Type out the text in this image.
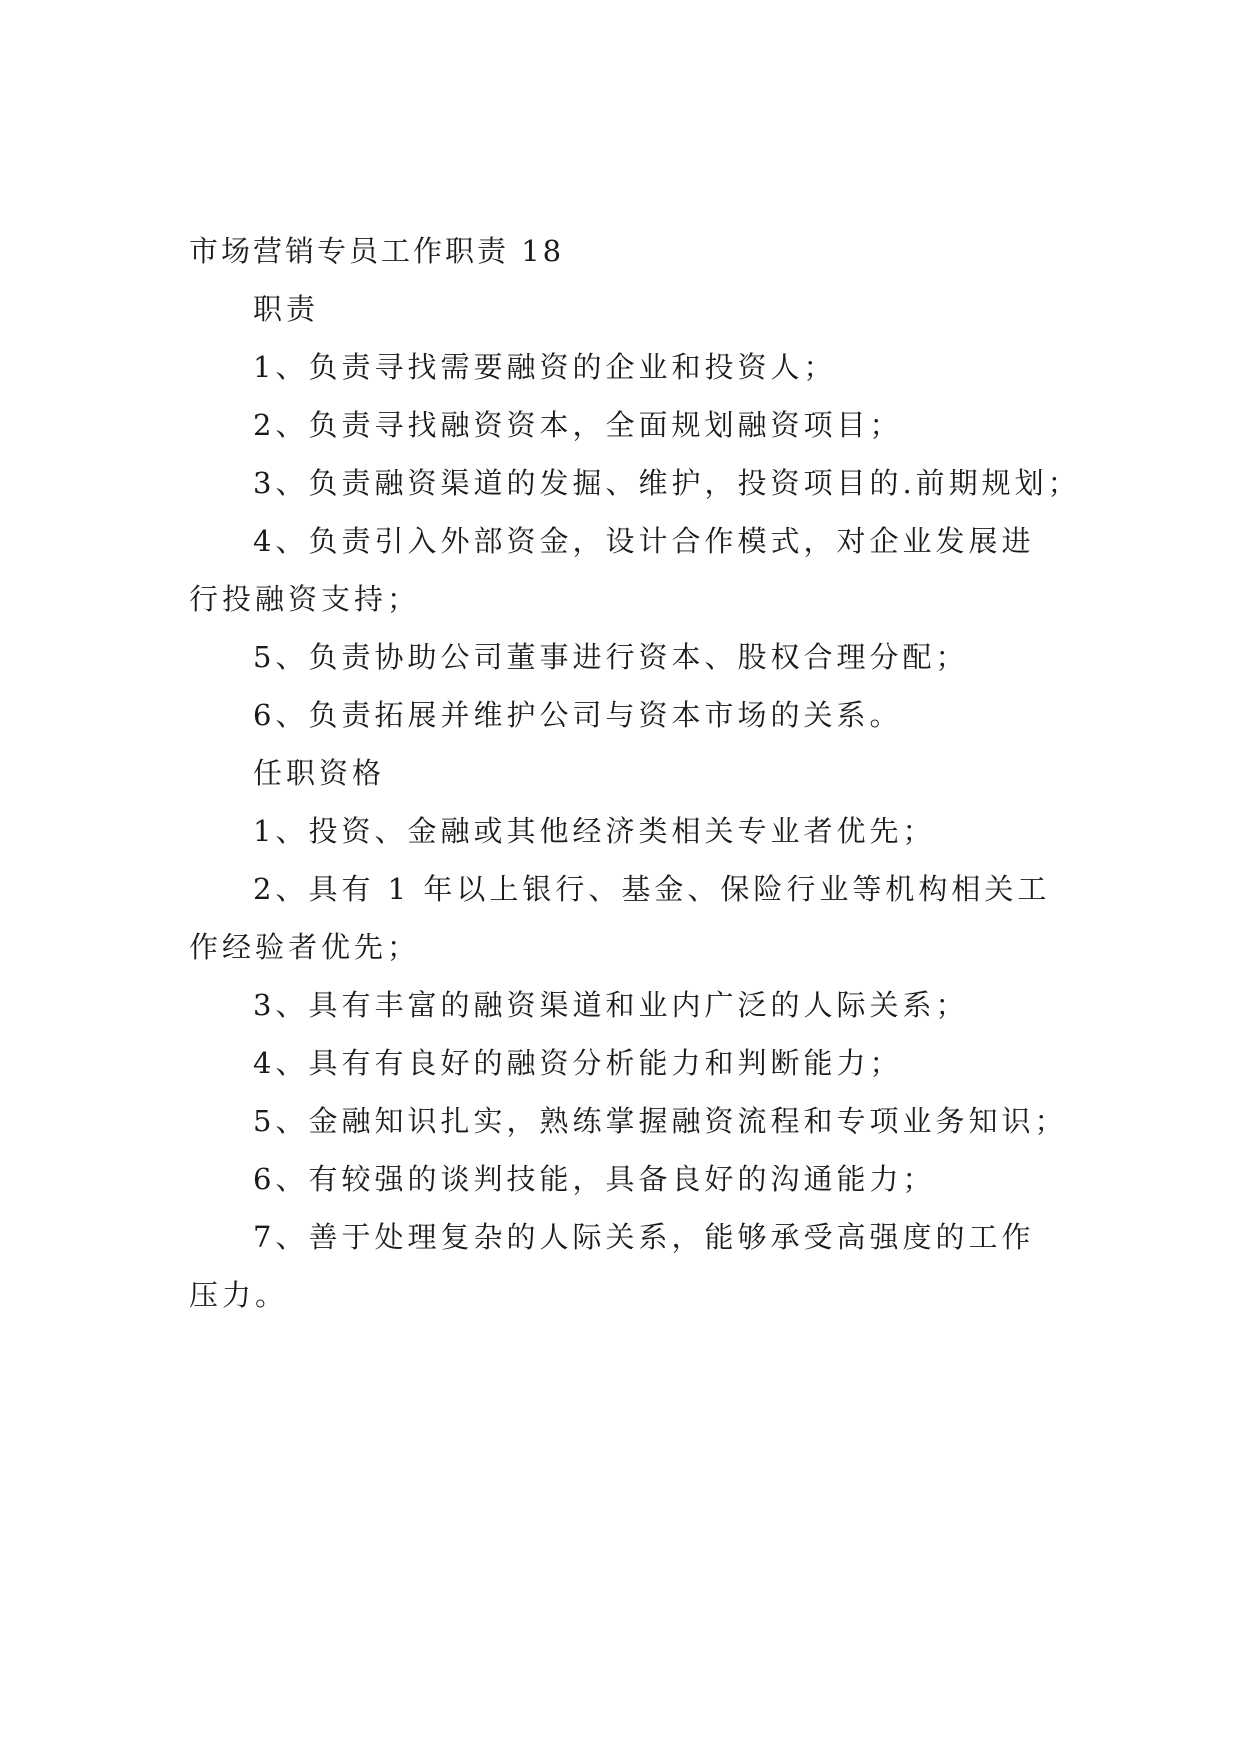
市场营销专员工作职责 18
职责
1、负责寻找需要融资的企业和投资人；
2、负责寻找融资资本，全面规划融资项目；
3、负责融资渠道的发掘、维护，投资项目的.前期规划；
4、负责引入外部资金，设计合作模式，对企业发展进
行投融资支持；
5、负责协助公司董事进行资本、股权合理分配；
6、负责拓展并维护公司与资本市场的关系。
任职资格
1、投资、金融或其他经济类相关专业者优先；
2、具有 1 年以上银行、基金、保险行业等机构相关工
作经验者优先；
3、具有丰富的融资渠道和业内广泛的人际关系；
4、具有有良好的融资分析能力和判断能力；
5、金融知识扎实，熟练掌握融资流程和专项业务知识；
6、有较强的谈判技能，具备良好的沟通能力；
7、善于处理复杂的人际关系，能够承受高强度的工作
压力。
